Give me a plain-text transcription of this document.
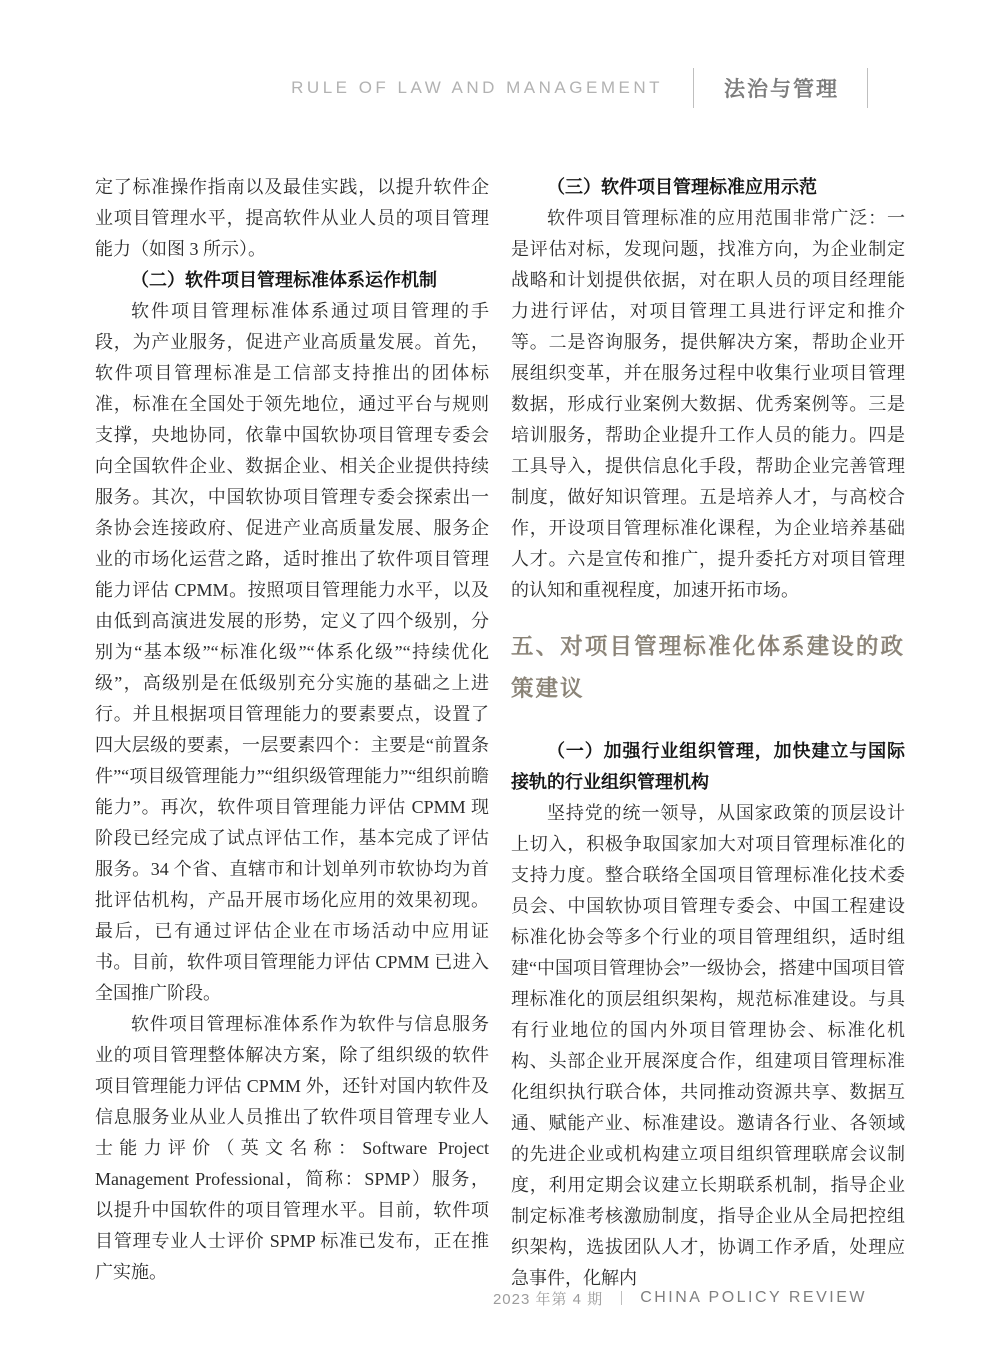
RULE OF LAW AND MANAGEMENT	法治与管理

定了标准操作指南以及最佳实践，以提升软件企业项目管理水平，提高软件从业人员的项目管理能力（如图 3 所示）。

（二）软件项目管理标准体系运作机制

软件项目管理标准体系通过项目管理的手段，为产业服务，促进产业高质量发展。首先，软件项目管理标准是工信部支持推出的团体标准，标准在全国处于领先地位，通过平台与规则支撑，央地协同，依靠中国软协项目管理专委会向全国软件企业、数据企业、相关企业提供持续服务。其次，中国软协项目管理专委会探索出一条协会连接政府、促进产业高质量发展、服务企业的市场化运营之路，适时推出了软件项目管理能力评估 CPMM。按照项目管理能力水平，以及由低到高演进发展的形势，定义了四个级别，分别为“基本级”“标准化级”“体系化级”“持续优化级”，高级别是在低级别充分实施的基础之上进行。并且根据项目管理能力的要素要点，设置了四大层级的要素，一层要素四个：主要是“前置条件”“项目级管理能力”“组织级管理能力”“组织前瞻能力”。再次，软件项目管理能力评估 CPMM 现阶段已经完成了试点评估工作，基本完成了评估服务。34 个省、直辖市和计划单列市软协均为首批评估机构，产品开展市场化应用的效果初现。最后，已有通过评估企业在市场活动中应用证书。目前，软件项目管理能力评估 CPMM 已进入全国推广阶段。

软件项目管理标准体系作为软件与信息服务业的项目管理整体解决方案，除了组织级的软件项目管理能力评估 CPMM 外，还针对国内软件及信息服务业从业人员推出了软件项目管理专业人士能力评价（英文名称：Software Project Management Professional，简称：SPMP）服务，以提升中国软件的项目管理水平。目前，软件项目管理专业人士评价 SPMP 标准已发布，正在推广实施。

（三）软件项目管理标准应用示范

软件项目管理标准的应用范围非常广泛：一是评估对标，发现问题，找准方向，为企业制定战略和计划提供依据，对在职人员的项目经理能力进行评估，对项目管理工具进行评定和推介等。二是咨询服务，提供解决方案，帮助企业开展组织变革，并在服务过程中收集行业项目管理数据，形成行业案例大数据、优秀案例等。三是培训服务，帮助企业提升工作人员的能力。四是工具导入，提供信息化手段，帮助企业完善管理制度，做好知识管理。五是培养人才，与高校合作，开设项目管理标准化课程，为企业培养基础人才。六是宣传和推广，提升委托方对项目管理的认知和重视程度，加速开拓市场。

五、对项目管理标准化体系建设的政策建议
（一）加强行业组织管理，加快建立与国际接轨的行业组织管理机构

坚持党的统一领导，从国家政策的顶层设计上切入，积极争取国家加大对项目管理标准化的支持力度。整合联络全国项目管理标准化技术委员会、中国软协项目管理专委会、中国工程建设标准化协会等多个行业的项目管理组织，适时组建“中国项目管理协会”一级协会，搭建中国项目管理标准化的顶层组织架构，规范标准建设。与具有行业地位的国内外项目管理协会、标准化机构、头部企业开展深度合作，组建项目管理标准化组织执行联合体，共同推动资源共享、数据互通、赋能产业、标准建设。邀请各行业、各领域的先进企业或机构建立项目组织管理联席会议制度，利用定期会议建立长期联系机制，指导企业制定标准考核激励制度，指导企业从全局把控组织架构，选拔团队人才，协调工作矛盾，处理应急事件，化解内

2023 年第 4 期 CHINA POLICY REVIEW
